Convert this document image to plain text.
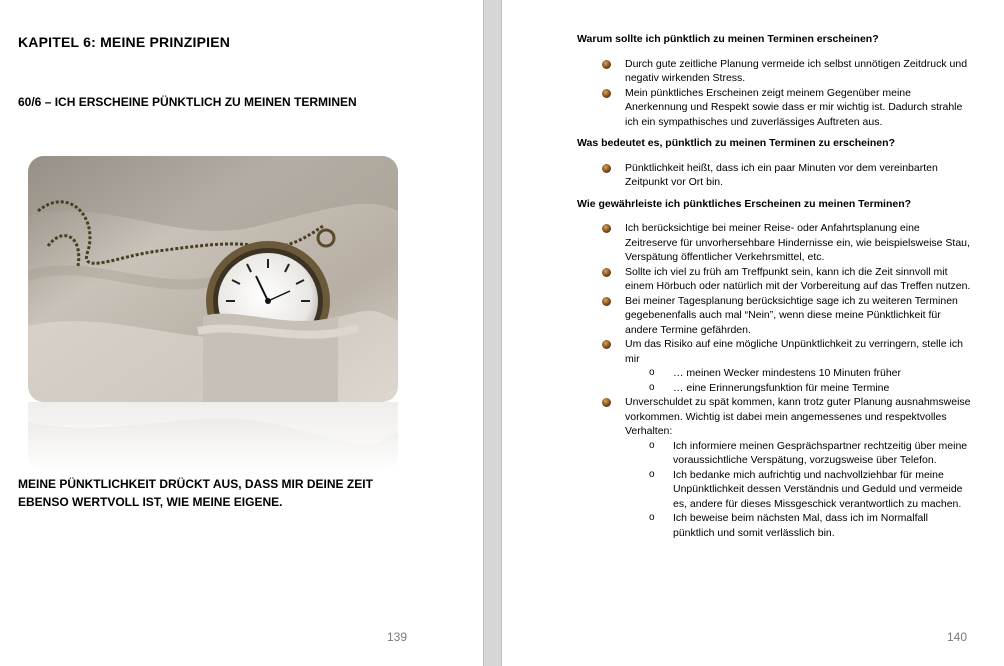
KAPITEL 6: MEINE PRINZIPIEN
60/6 – ICH ERSCHEINE PÜNKTLICH ZU MEINEN TERMINEN
MEINE PÜNKTLICHKEIT DRÜCKT AUS, DASS MIR DEINE ZEIT EBENSO WERTVOLL IST, WIE MEINE EIGENE.
139
Warum sollte ich pünktlich zu meinen Terminen erscheinen?
Durch gute zeitliche Planung vermeide ich selbst unnötigen Zeitdruck und negativ wirkenden Stress.
Mein pünktliches Erscheinen zeigt meinem Gegenüber meine Anerkennung und Respekt sowie dass er mir wichtig ist. Dadurch strahle ich ein sympathisches und zuverlässiges Auftreten aus.
Was bedeutet es, pünktlich zu meinen Terminen zu erscheinen?
Pünktlichkeit heißt, dass ich ein paar Minuten vor dem vereinbarten Zeitpunkt vor Ort bin.
Wie gewährleiste ich pünktliches Erscheinen zu meinen Terminen?
Ich berücksichtige bei meiner Reise- oder Anfahrtsplanung eine Zeitreserve für unvorhersehbare Hindernisse ein, wie beispielsweise Stau, Verspätung öffentlicher Verkehrsmittel, etc.
Sollte ich viel zu früh am Treffpunkt sein, kann ich die Zeit sinnvoll mit einem Hörbuch oder natürlich mit der Vorbereitung auf das Treffen nutzen.
Bei meiner Tagesplanung berücksichtige sage ich zu weiteren Terminen gegebenenfalls auch mal “Nein”, wenn diese meine Pünktlichkeit für andere Termine gefährden.
Um das Risiko auf eine mögliche Unpünktlichkeit zu verringern, stelle ich mir
o … meinen Wecker mindestens 10 Minuten früher
o … eine Erinnerungsfunktion für meine Termine
Unverschuldet zu spät kommen, kann trotz guter Planung ausnahmsweise vorkommen. Wichtig ist dabei mein angemessenes und respektvolles Verhalten:
o Ich informiere meinen Gesprächspartner rechtzeitig über meine voraussichtliche Verspätung, vorzugsweise über Telefon.
o Ich bedanke mich aufrichtig und nachvollziehbar für meine Unpünktlichkeit dessen Verständnis und Geduld und vermeide es, andere für dieses Missgeschick verantwortlich zu machen.
o Ich beweise beim nächsten Mal, dass ich im Normalfall pünktlich und somit verlässlich bin.
140
